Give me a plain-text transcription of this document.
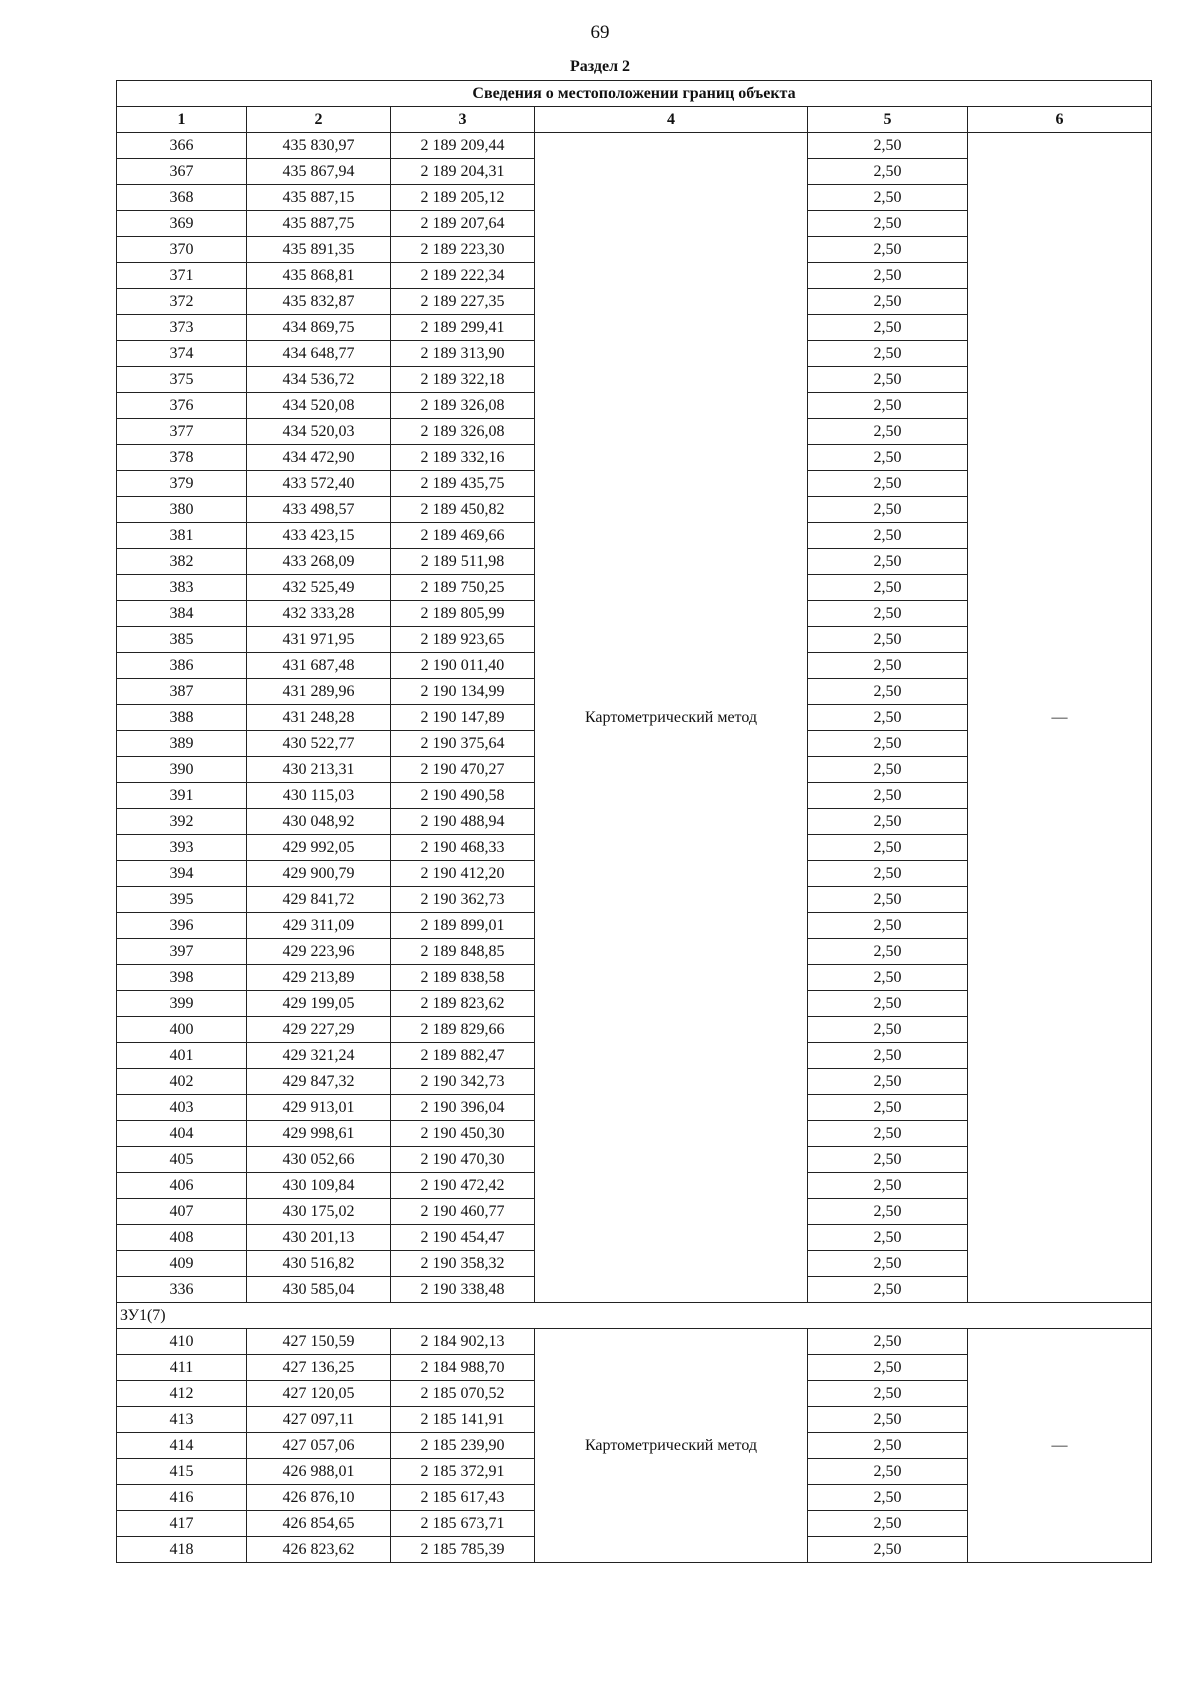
69
Раздел 2
Сведения о местоположении границ объекта					
1	2	3	4	5	6
366	435 830,97	2 189 209,44	Картометрический метод	2,50	—
367	435 867,94	2 189 204,31		2,50	
368	435 887,15	2 189 205,12		2,50	
369	435 887,75	2 189 207,64		2,50	
370	435 891,35	2 189 223,30		2,50	
371	435 868,81	2 189 222,34		2,50	
372	435 832,87	2 189 227,35		2,50	
373	434 869,75	2 189 299,41		2,50	
374	434 648,77	2 189 313,90		2,50	
375	434 536,72	2 189 322,18		2,50	
376	434 520,08	2 189 326,08		2,50	
377	434 520,03	2 189 326,08		2,50	
378	434 472,90	2 189 332,16		2,50	
379	433 572,40	2 189 435,75		2,50	
380	433 498,57	2 189 450,82		2,50	
381	433 423,15	2 189 469,66		2,50	
382	433 268,09	2 189 511,98		2,50	
383	432 525,49	2 189 750,25		2,50	
384	432 333,28	2 189 805,99		2,50	
385	431 971,95	2 189 923,65		2,50	
386	431 687,48	2 190 011,40		2,50	
387	431 289,96	2 190 134,99		2,50	
388	431 248,28	2 190 147,89		2,50	
389	430 522,77	2 190 375,64		2,50	
390	430 213,31	2 190 470,27		2,50	
391	430 115,03	2 190 490,58		2,50	
392	430 048,92	2 190 488,94		2,50	
393	429 992,05	2 190 468,33		2,50	
394	429 900,79	2 190 412,20		2,50	
395	429 841,72	2 190 362,73		2,50	
396	429 311,09	2 189 899,01		2,50	
397	429 223,96	2 189 848,85		2,50	
398	429 213,89	2 189 838,58		2,50	
399	429 199,05	2 189 823,62		2,50	
400	429 227,29	2 189 829,66		2,50	
401	429 321,24	2 189 882,47		2,50	
402	429 847,32	2 190 342,73		2,50	
403	429 913,01	2 190 396,04		2,50	
404	429 998,61	2 190 450,30		2,50	
405	430 052,66	2 190 470,30		2,50	
406	430 109,84	2 190 472,42		2,50	
407	430 175,02	2 190 460,77		2,50	
408	430 201,13	2 190 454,47		2,50	
409	430 516,82	2 190 358,32		2,50	
336	430 585,04	2 190 338,48		2,50	
ЗУ1(7)					
410	427 150,59	2 184 902,13	Картометрический метод	2,50	—
411	427 136,25	2 184 988,70		2,50	
412	427 120,05	2 185 070,52		2,50	
413	427 097,11	2 185 141,91		2,50	
414	427 057,06	2 185 239,90		2,50	
415	426 988,01	2 185 372,91		2,50	
416	426 876,10	2 185 617,43		2,50	
417	426 854,65	2 185 673,71		2,50	
418	426 823,62	2 185 785,39		2,50	
